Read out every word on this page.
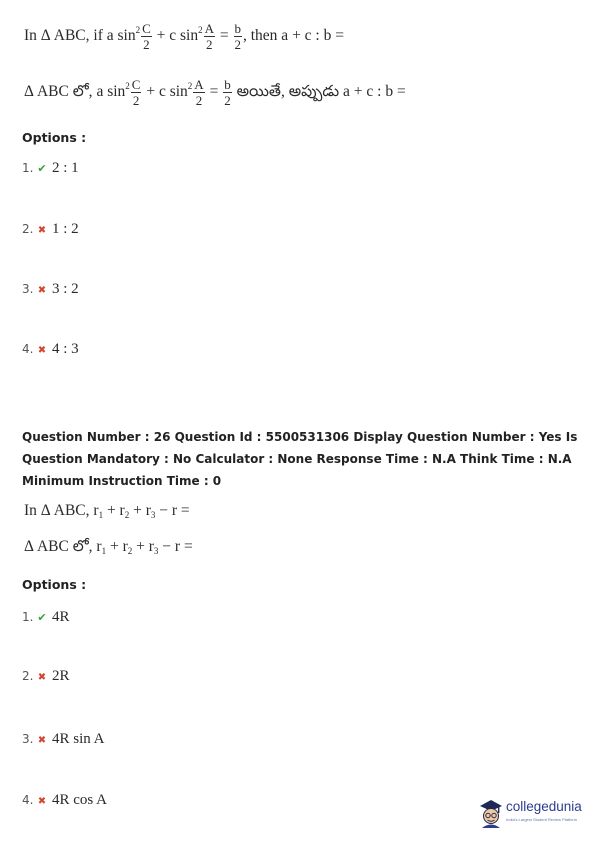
In Δ ABC, if a $\sin^2 \frac{C}{2} + c$ $\sin^2 \frac{A}{2} = \frac{b}{2}$ , then a + c : b =
Δ ABC లో, a $\sin^2 \frac{C}{2} + c$ $\sin^2 \frac{A}{2} = \frac{b}{2}$ అయితే, అప్పుడు a + c : b =
Options :
1. ✔ 2 : 1
2. ✖ 1 : 2
3. ✖ 3 : 2
4. ✖ 4 : 3
Question Number : 26 Question Id : 5500531306 Display Question Number : Yes Is Question Mandatory : No Calculator : None Response Time : N.A Think Time : N.A Minimum Instruction Time : 0
In Δ ABC, $r_1 + r_2 + r_3 - r$ =
Δ ABC లో, $r_1 + r_2 + r_3 - r$ =
Options :
1. ✔ 4R
2. ✖ 2R
3. ✖ 4R sin A
4. ✖ 4R cos A	collegedunia
India's Largest Student Review Platform
